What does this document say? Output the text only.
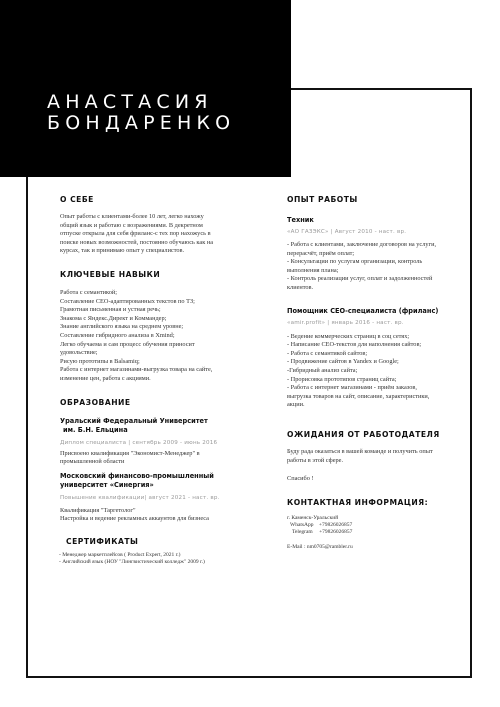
АНАСТАСИЯ
БОНДАРЕНКО
О СЕБЕ
Опыт работы с клиентами-более 10 лет, легко нахожу
общий язык и работаю с возражениями. В декретном
отпуске открыла для себя фриланс-с тех пор нахожусь в
поиске новых возможностей, постоянно обучаюсь как на
курсах, так и принимаю опыт у специалистов.
КЛЮЧЕВЫЕ НАВЫКИ
Работа с семантикой;
Составление СЕО-адаптированных текстов по ТЗ;
Грамотная письменная и устная речь;
Знакома с Яндекс.Директ и Коммандер;
Знание английского языка на среднем уровне;
Составление гибридного анализа в Xmind;
Легко обучаема и сам процесс обучения приносит
удовольствие;
Рисую прототипы в Balsamiq;
Работа с интернет магазинами-выгрузка товара на сайте,
изменение цен, работа с акциями.
ОБРАЗОВАНИЕ
Уральский Федеральный Университет
им. Б.Н. Ельцина
Диплом специалиста | сентябрь 2009 - июнь 2016
Присвоено квалификация "Экономист-Менеджер" в
промышленной области
Московский финансово-промышленный
университет «Синергия»
Повышение квалификации| август 2021 - наст. вр.
Квалификация "Таргетолог"
Настройка и ведение рекламных аккаунтов для бизнеса
СЕРТИФИКАТЫ
- Менеджер маркетплейсов ( Product Expert, 2021 г.)
- Английский язык (НОУ "Лингвистический колледж" 2009 г.)
ОПЫТ РАБОТЫ
Техник
«АО ГАЗЭКС» | Август 2010 - наст. вр.
- Работа с клиентами, заключение договоров на услуги,
перерасчёт, приём оплат;
- Консультации по услугам организации, контроль
выполнения плана;
- Контроль реализации услуг, оплат и задолженностей
клиентов.
Помощник СЕО-специалиста (фриланс)
«amir.profit» | январь 2016 - наст. вр.
- Ведение коммерческих страниц в соц сетях;
- Написание СЕО-текстов для наполнения сайтов;
- Работа с семантикой сайтов;
- Продвижение сайтов в Yandex и Google;
-Гибридный анализ сайта;
- Прорисовка прототипов страниц сайта;
- Работа с интернет магазинами - приём заказов,
выгрузка товаров на сайт, описание, характеристики,
акции.
ОЖИДАНИЯ ОТ РАБОТОДАТЕЛЯ
Буду рада оказаться в вашей команде и получить опыт
работы в этой сфере.
Спасибо !
КОНТАКТНАЯ ИНФОРМАЦИЯ:
г. Каменск-Уральский
WhatsApp +79826026857
Telegram +79826026857
E-Mail : nm0705@rambler.ru
